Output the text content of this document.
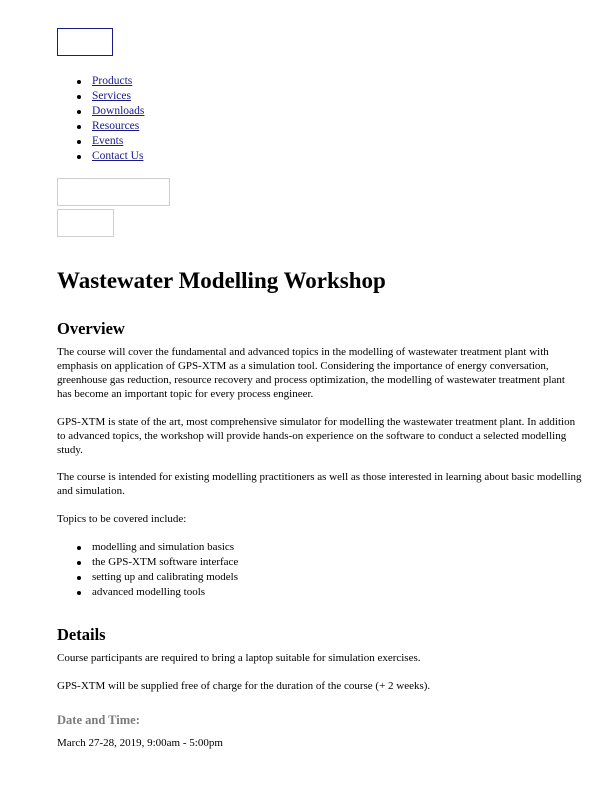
Products
Services
Downloads
Resources
Events
Contact Us
Wastewater Modelling Workshop
Overview

The course will cover the fundamental and advanced topics in the modelling of wastewater treatment plant with emphasis on application of GPS-XTM as a simulation tool. Considering the importance of energy conversation, greenhouse gas reduction, resource recovery and process optimization, the modelling of wastewater treatment plant has become an important topic for every process engineer.

GPS-XTM is state of the art, most comprehensive simulator for modelling the wastewater treatment plant. In addition to advanced topics, the workshop will provide hands-on experience on the software to conduct a selected modelling study.

The course is intended for existing modelling practitioners as well as those interested in learning about basic modelling and simulation.

Topics to be covered include:

modelling and simulation basics
the GPS-XTM software interface
setting up and calibrating models
advanced modelling tools
Details

Course participants are required to bring a laptop suitable for simulation exercises.

GPS-XTM will be supplied free of charge for the duration of the course (+ 2 weeks).

Date and Time:

March 27-28, 2019, 9:00am - 5:00pm
